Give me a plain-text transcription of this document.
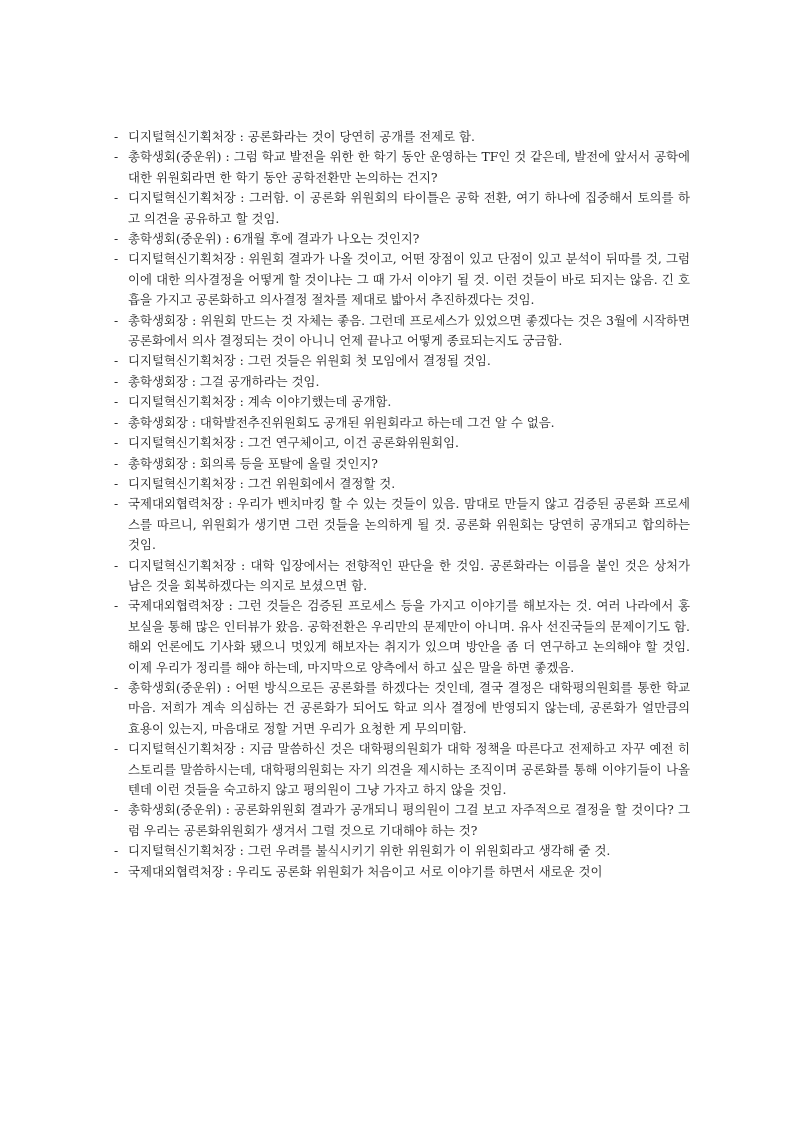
- 디지털혁신기획처장 : 공론화라는 것이 당연히 공개를 전제로 함.
- 총학생회(중운위) : 그럼 학교 발전을 위한 한 학기 동안 운영하는 TF인 것 같은데, 발전에 앞서서 공학에 대한 위원회라면 한 학기 동안 공학전환만 논의하는 건지?
- 디지털혁신기획처장 : 그러함. 이 공론화 위원회의 타이틀은 공학 전환, 여기 하나에 집중해서 토의를 하고 의견을 공유하고 할 것임.
- 총학생회(중운위) : 6개월 후에 결과가 나오는 것인지?
- 디지털혁신기획처장 : 위원회 결과가 나올 것이고, 어떤 장점이 있고 단점이 있고 분석이 뒤따를 것, 그럼 이에 대한 의사결정을 어떻게 할 것이냐는 그 때 가서 이야기 될 것. 이런 것들이 바로 되지는 않음. 긴 호흡을 가지고 공론화하고 의사결정 절차를 제대로 밟아서 추진하겠다는 것임.
- 총학생회장 : 위원회 만드는 것 자체는 좋음. 그런데 프로세스가 있었으면 좋겠다는 것은 3월에 시작하면 공론화에서 의사 결정되는 것이 아니니 언제 끝나고 어떻게 종료되는지도 궁금함.
- 디지털혁신기획처장 : 그런 것들은 위원회 첫 모임에서 결정될 것임.
- 총학생회장 : 그걸 공개하라는 것임.
- 디지털혁신기획처장 : 계속 이야기했는데 공개함.
- 총학생회장 : 대학발전추진위원회도 공개된 위원회라고 하는데 그건 알 수 없음.
- 디지털혁신기획처장 : 그건 연구체이고, 이건 공론화위원회임.
- 총학생회장 : 회의록 등을 포탈에 올릴 것인지?
- 디지털혁신기획처장 : 그건 위원회에서 결정할 것.
- 국제대외협력처장 : 우리가 벤치마킹 할 수 있는 것들이 있음. 맘대로 만들지 않고 검증된 공론화 프로세스를 따르니, 위원회가 생기면 그런 것들을 논의하게 될 것. 공론화 위원회는 당연히 공개되고 합의하는 것임.
- 디지털혁신기획처장 : 대학 입장에서는 전향적인 판단을 한 것임. 공론화라는 이름을 붙인 것은 상처가 남은 것을 회복하겠다는 의지로 보셨으면 함.
- 국제대외협력처장 : 그런 것들은 검증된 프로세스 등을 가지고 이야기를 해보자는 것. 여러 나라에서 홍보실을 통해 많은 인터뷰가 왔음. 공학전환은 우리만의 문제만이 아니며. 유사 선진국들의 문제이기도 함. 해외 언론에도 기사화 됐으니 멋있게 해보자는 취지가 있으며 방안을 좀 더 연구하고 논의해야 할 것임. 이제 우리가 정리를 해야 하는데, 마지막으로 양측에서 하고 싶은 말을 하면 좋겠음.
- 총학생회(중운위) : 어떤 방식으로든 공론화를 하겠다는 것인데, 결국 결정은 대학평의원회를 통한 학교 마음. 저희가 계속 의심하는 건 공론화가 되어도 학교 의사 결정에 반영되지 않는데, 공론화가 얼만큼의 효용이 있는지, 마음대로 정할 거면 우리가 요청한 게 무의미함.
- 디지털혁신기획처장 : 지금 말씀하신 것은 대학평의원회가 대학 정책을 따른다고 전제하고 자꾸 예전 히스토리를 말씀하시는데, 대학평의원회는 자기 의견을 제시하는 조직이며 공론화를 통해 이야기들이 나올 텐데 이런 것들을 숙고하지 않고 평의원이 그냥 가자고 하지 않을 것임.
- 총학생회(중운위) : 공론화위원회 결과가 공개되니 평의원이 그걸 보고 자주적으로 결정을 할 것이다? 그럼 우리는 공론화위원회가 생겨서 그럴 것으로 기대해야 하는 것?
- 디지털혁신기획처장 : 그런 우려를 불식시키기 위한 위원회가 이 위원회라고 생각해 줄 것.
- 국제대외협력처장 : 우리도 공론화 위원회가 처음이고 서로 이야기를 하면서 새로운 것이
